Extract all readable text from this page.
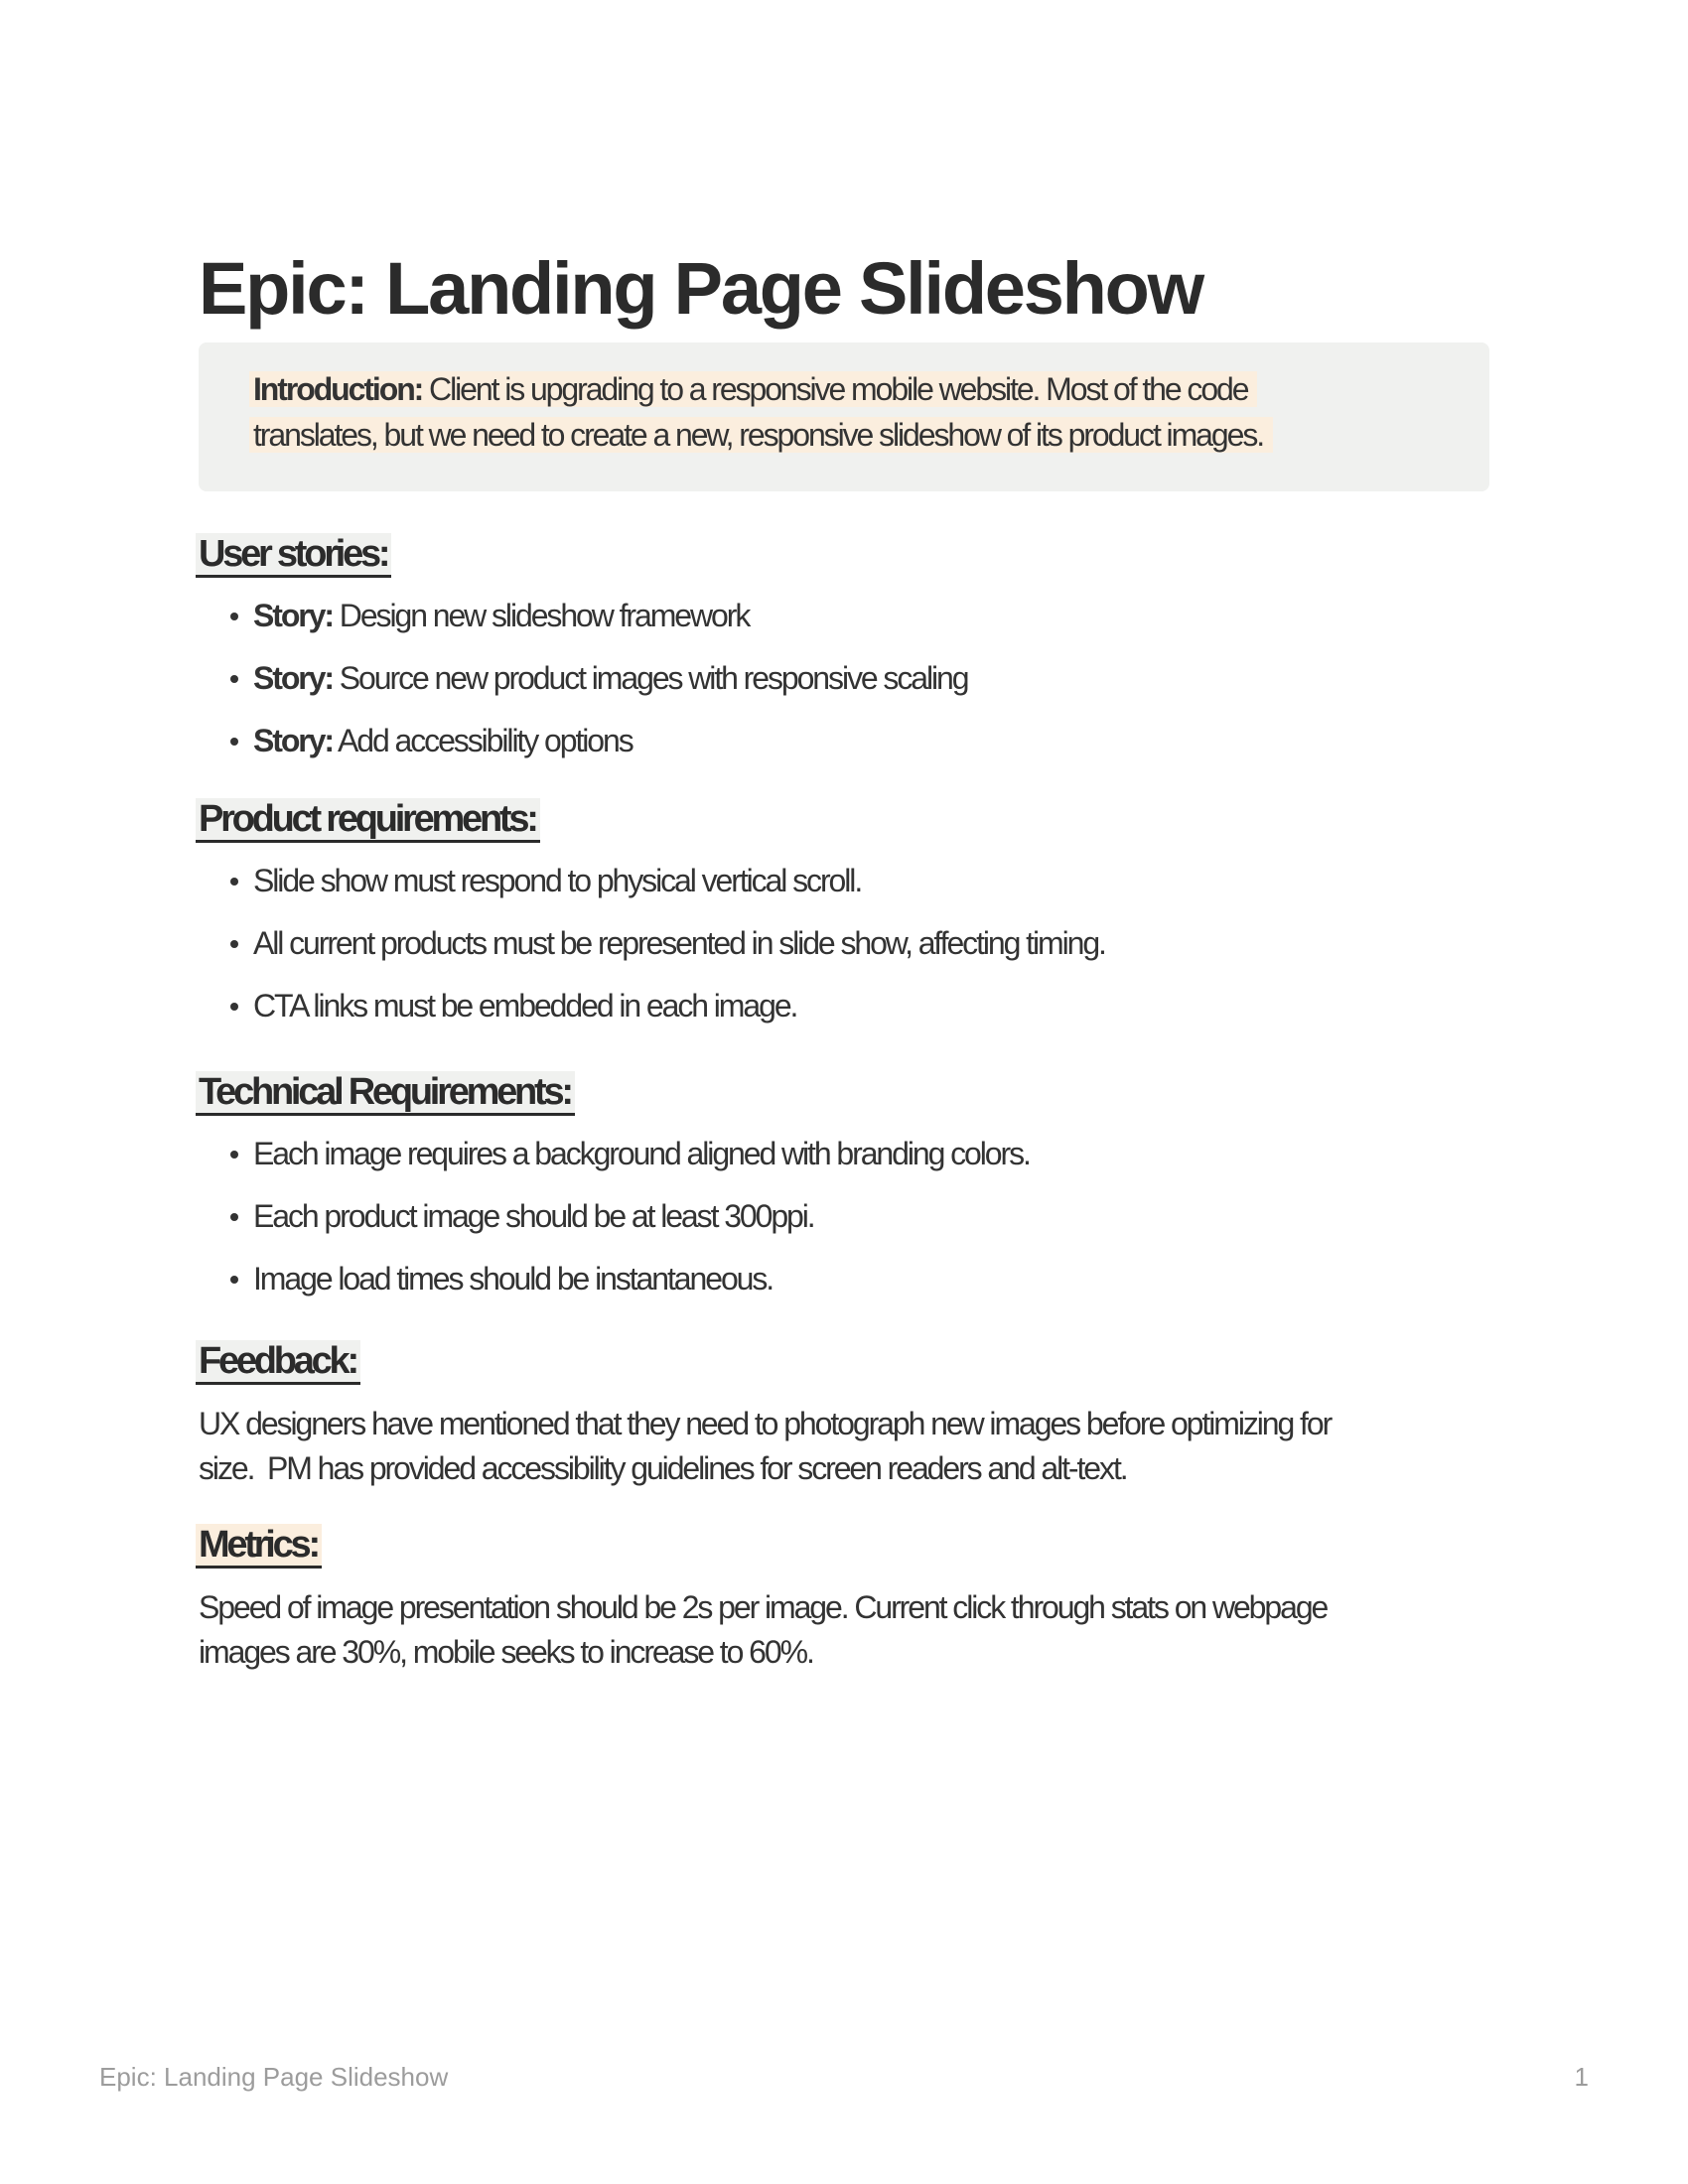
Epic: Landing Page Slideshow
Introduction: Client is upgrading to a responsive mobile website. Most of the code
translates, but we need to create a new, responsive slideshow of its product images.
User stories:
Story: Design new slideshow framework
Story: Source new product images with responsive scaling
Story: Add accessibility options
Product requirements:
Slide show must respond to physical vertical scroll.
All current products must be represented in slide show, affecting timing.
CTA links must be embedded in each image.
Technical Requirements:
Each image requires a background aligned with branding colors.
Each product image should be at least 300ppi.
Image load times should be instantaneous.
Feedback:
UX designers have mentioned that they need to photograph new images before optimizing for
size.  PM has provided accessibility guidelines for screen readers and alt-text.
Metrics:
Speed of image presentation should be 2s per image. Current click through stats on webpage
images are 30%, mobile seeks to increase to 60%.
Epic: Landing Page Slideshow	1
